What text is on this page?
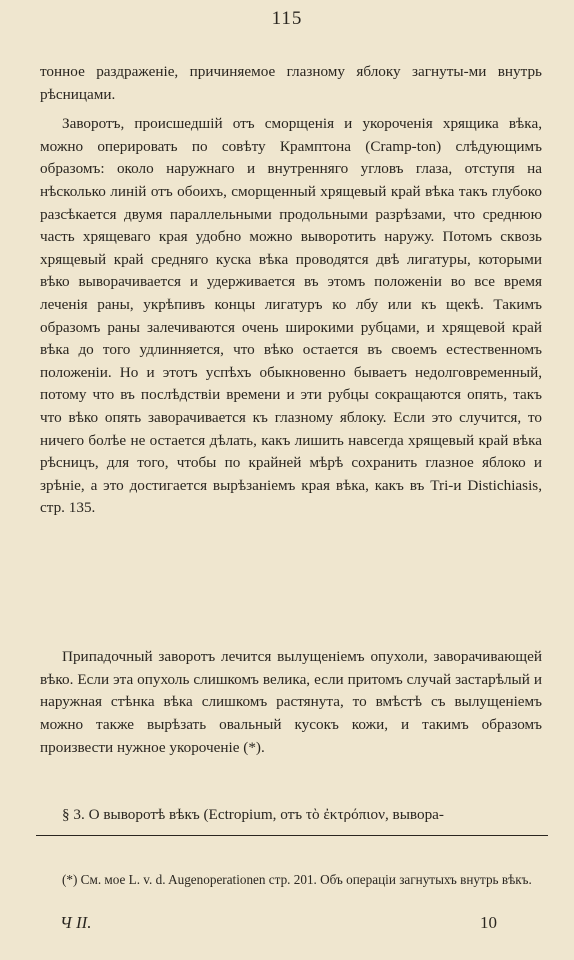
115

тонное раздраженіе, причиняемое глазному яблоку загнуты-ми внутрь рѣсницами.

Заворотъ, происшедшій отъ сморщенія и укороченія хрящика вѣка, можно оперировать по совѣту Крамптона (Cramp-ton) слѣдующимъ образомъ: около наружнаго и внутренняго угловъ глаза, отступя на нѣсколько линій отъ обоихъ, сморщенный хрящевый край вѣка такъ глубоко разсѣкается двумя параллельными продольными разрѣзами, что среднюю часть хрящеваго края удобно можно выворотить наружу. Потомъ сквозь хрящевый край средняго куска вѣка проводятся двѣ лигатуры, которыми вѣко выворачивается и удерживается въ этомъ положеніи во все время леченія раны, укрѣпивъ концы лигатуръ ко лбу или къ щекѣ. Такимъ образомъ раны залечиваются очень широкими рубцами, и хрящевой край вѣка до того удлинняется, что вѣко остается въ своемъ естественномъ положеніи. Но и этотъ успѣхъ обыкновенно бываетъ недолговременный, потому что въ послѣдствіи времени и эти рубцы сокращаются опять, такъ что вѣко опять заворачивается къ глазному яблоку. Если это случится, то ничего болѣе не остается дѣлать, какъ лишить навсегда хрящевый край вѣка рѣсницъ, для того, чтобы по крайней мѣрѣ сохранить глазное яблоко и зрѣніе, а это достигается вырѣзаніемъ края вѣка, какъ въ Tri-и Distichiasis, стр. 135.

Припадочный заворотъ лечится вылущеніемъ опухоли, заворачивающей вѣко. Если эта опухоль слишкомъ велика, если притомъ случай застарѣлый и наружная стѣнка вѣка слишкомъ растянута, то вмѣстѣ съ вылущеніемъ можно также вырѣзать овальный кусокъ кожи, и такимъ образомъ произвести нужное укороченіе (*).

§ 3. О выворотѣ вѣкъ (Ectropium, отъ τὸ ἐκτρόπιον, вывора-

(*) См. мое L. v. d. Augenoperationen стр. 201. Объ операціи загнутыхъ внутрь вѣкъ.

Ч II.	10
